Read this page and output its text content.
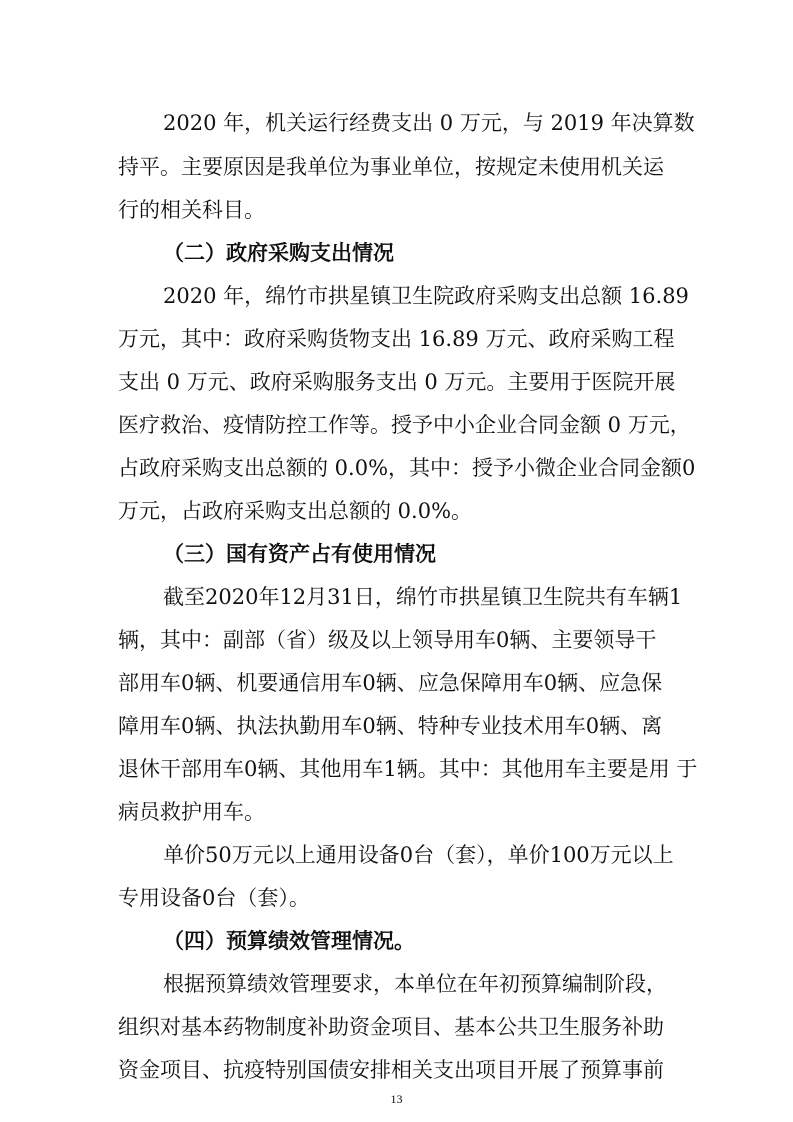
2020 年，机关运行经费支出 0 万元，与 2019 年决算数
持平。主要原因是我单位为事业单位，按规定未使用机关运
行的相关科目。
（二）政府采购支出情况
2020 年，绵竹市拱星镇卫生院政府采购支出总额 16.89
万元，其中：政府采购货物支出 16.89 万元、政府采购工程
支出 0 万元、政府采购服务支出 0 万元。主要用于医院开展
医疗救治、疫情防控工作等。授予中小企业合同金额 0 万元，
占政府采购支出总额的 0.0%，其中：授予小微企业合同金额0
万元，占政府采购支出总额的 0.0%。
（三）国有资产占有使用情况
截至2020年12月31日，绵竹市拱星镇卫生院共有车辆1
辆，其中：副部（省）级及以上领导用车0辆、主要领导干
部用车0辆、机要通信用车0辆、应急保障用车0辆、应急保
障用车0辆、执法执勤用车0辆、特种专业技术用车0辆、离
退休干部用车0辆、其他用车1辆。其中：其他用车主要是用 于
病员救护用车。
单价50万元以上通用设备0台（套），单价100万元以上
专用设备0台（套）。
（四）预算绩效管理情况。
根据预算绩效管理要求，本单位在年初预算编制阶段，
组织对基本药物制度补助资金项目、基本公共卫生服务补助
资金项目、抗疫特别国债安排相关支出项目开展了预算事前
13
